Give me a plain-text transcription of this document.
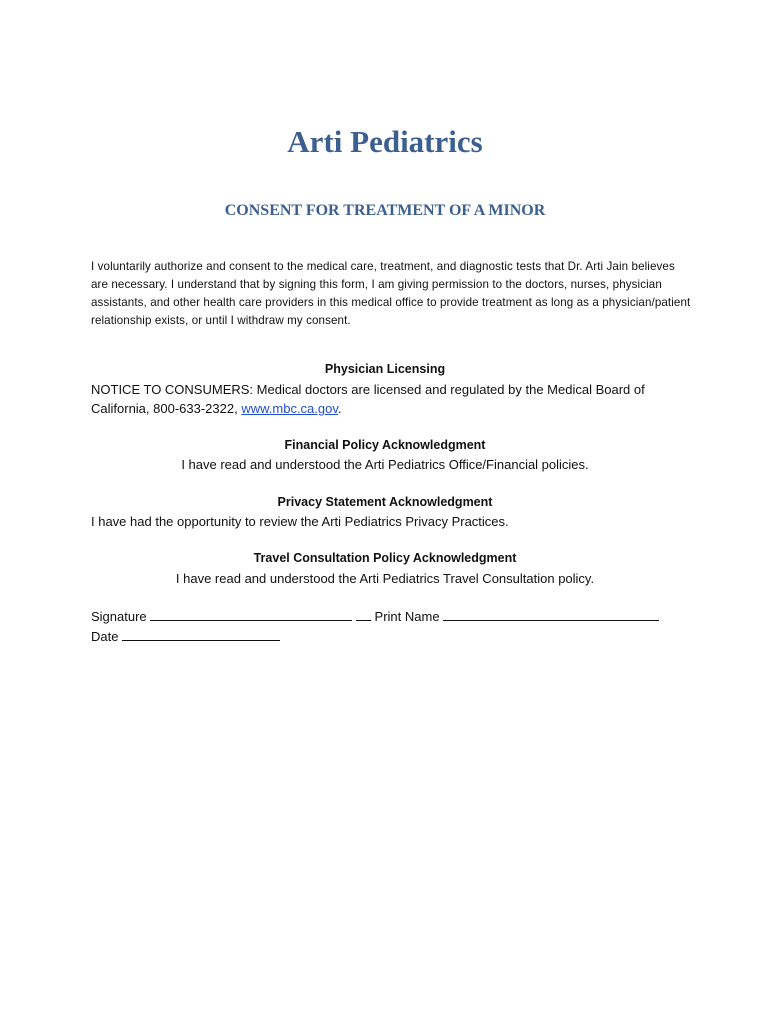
Arti Pediatrics
CONSENT FOR TREATMENT OF A MINOR

I voluntarily authorize and consent to the medical care, treatment, and diagnostic tests that Dr. Arti Jain believes are necessary. I understand that by signing this form, I am giving permission to the doctors, nurses, physician assistants, and other health care providers in this medical office to provide treatment as long as a physician/patient relationship exists, or until I withdraw my consent.

Physician Licensing

NOTICE TO CONSUMERS: Medical doctors are licensed and regulated by the Medical Board of

California, 800-633-2322, www.mbc.ca.gov.

Financial Policy Acknowledgment

I have read and understood the Arti Pediatrics Office/Financial policies.

Privacy Statement Acknowledgment

I have had the opportunity to review the Arti Pediatrics Privacy Practices.

Travel Consultation Policy Acknowledgment

I have read and understood the Arti Pediatrics Travel Consultation policy.

Signature	Print Name

Date
